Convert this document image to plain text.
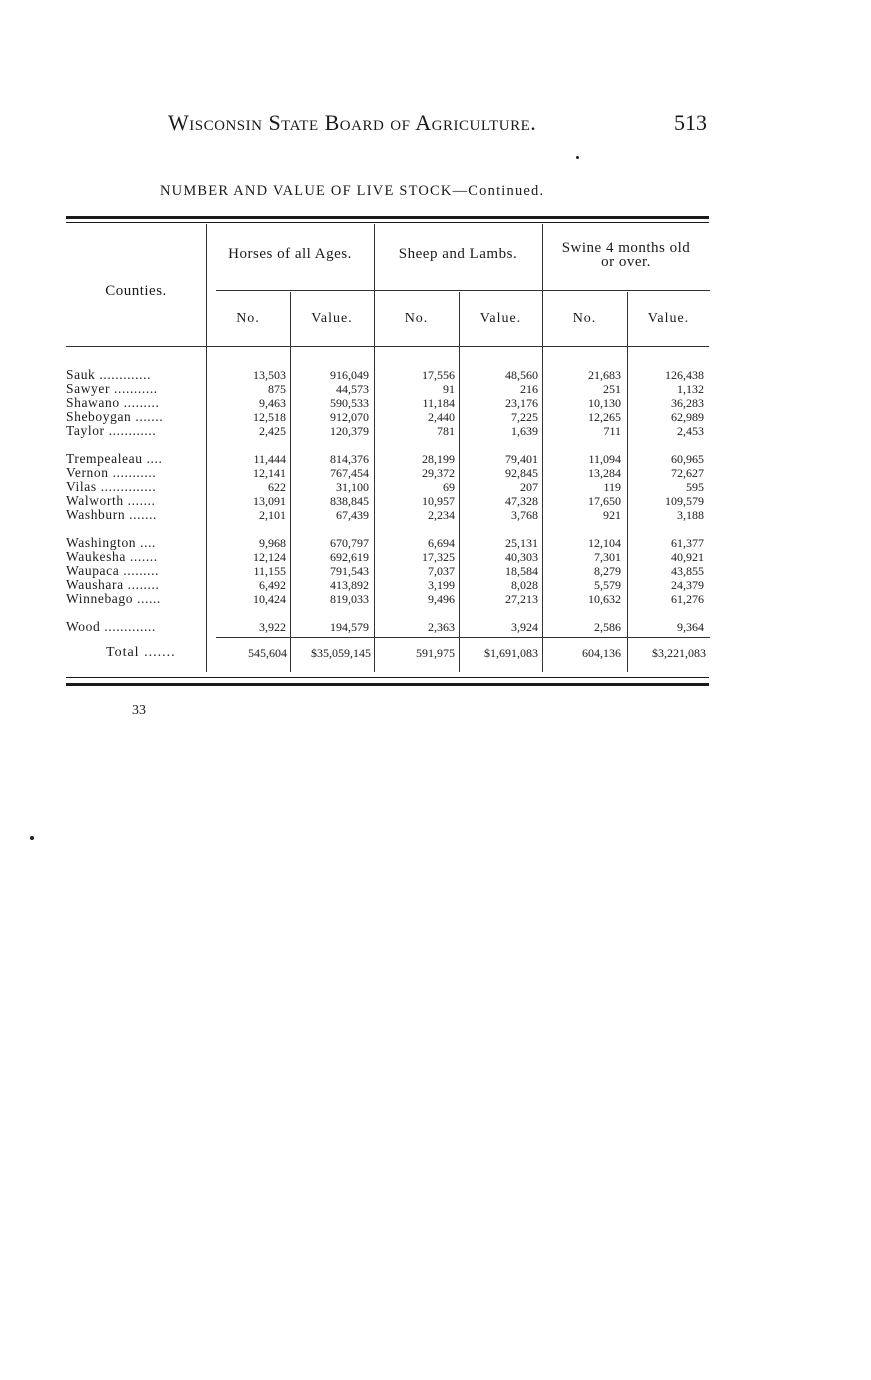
Wisconsin State Board of Agriculture.	513
NUMBER AND VALUE OF LIVE STOCK—Continued.
Counties.
Horses of all Ages.	Sheep and Lambs.	Swine 4 months old
or over.
No.	Value.	No.	Value.	No.	Value.
Sauk .............	13,503	916,049	17,556	48,560	21,683	126,438
Sawyer ...........	875	44,573	91	216	251	1,132
Shawano .........	9,463	590,533	11,184	23,176	10,130	36,283
Sheboygan .......	12,518	912,070	2,440	7,225	12,265	62,989
Taylor ............	2,425	120,379	781	1,639	711	2,453
Trempealeau ....	11,444	814,376	28,199	79,401	11,094	60,965
Vernon ...........	12,141	767,454	29,372	92,845	13,284	72,627
Vilas ..............	622	31,100	69	207	119	595
Walworth .......	13,091	838,845	10,957	47,328	17,650	109,579
Washburn .......	2,101	67,439	2,234	3,768	921	3,188
Washington ....	9,968	670,797	6,694	25,131	12,104	61,377
Waukesha .......	12,124	692,619	17,325	40,303	7,301	40,921
Waupaca .........	11,155	791,543	7,037	18,584	8,279	43,855
Waushara ........	6,492	413,892	3,199	8,028	5,579	24,379
Winnebago ......	10,424	819,033	9,496	27,213	10,632	61,276
Wood .............	3,922	194,579	2,363	3,924	2,586	9,364
Total .......	545,604	$35,059,145	591,975	$1,691,083	604,136	$3,221,083
33
